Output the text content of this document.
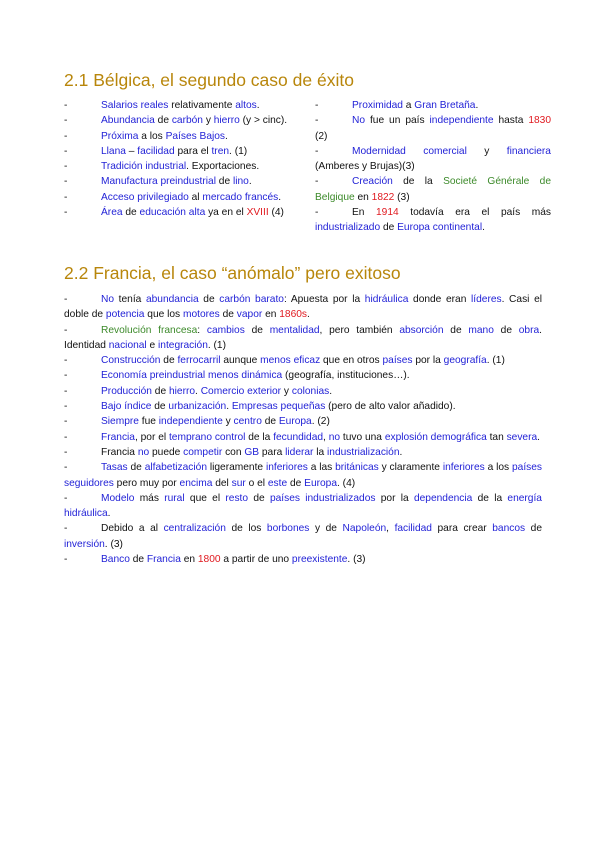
2.1 Bélgica, el segundo caso de éxito

-	Salarios reales relativamente altos.

-	Abundancia de carbón y hierro (y > cinc).

-	Próxima a los Países Bajos.

-	Llana – facilidad para el tren. (1)

-	Tradición industrial. Exportaciones.

-	Manufactura preindustrial de lino.

-	Acceso privilegiado al mercado francés.

-	Área de educación alta ya en el XVIII (4)

-	Proximidad a Gran Bretaña.

-	No fue un país independiente hasta 1830 (2)

-	Modernidad comercial y financiera (Amberes y Brujas)(3)

-	Creación de la Societé Générale de Belgique en 1822 (3)

-	En 1914 todavía era el país más industrializado de Europa continental.

2.2 Francia, el caso “anómalo” pero exitoso

-	No tenía abundancia de carbón barato: Apuesta por la hidráulica donde eran líderes. Casi el doble de potencia que los motores de vapor en 1860s.

-	Revolución francesa: cambios de mentalidad, pero también absorción de mano de obra. Identidad nacional e integración. (1)

-	Construcción de ferrocarril aunque menos eficaz que en otros países por la geografía. (1)

-	Economía preindustrial menos dinámica (geografía, instituciones…).

-	Producción de hierro. Comercio exterior y colonias.

-	Bajo índice de urbanización. Empresas pequeñas (pero de alto valor añadido).

-	Siempre fue independiente y centro de Europa. (2)

-	Francia, por el temprano control de la fecundidad, no tuvo una explosión demográfica tan severa.

-	Francia no puede competir con GB para liderar la industrialización.

-	Tasas de alfabetización ligeramente inferiores a las británicas y claramente inferiores a los países seguidores pero muy por encima del sur o el este de Europa. (4)

-	Modelo más rural que el resto de países industrializados por la dependencia de la energía hidráulica.

-	Debido a al centralización de los borbones y de Napoleón, facilidad para crear bancos de inversión. (3)

-	Banco de Francia en 1800 a partir de uno preexistente. (3)
